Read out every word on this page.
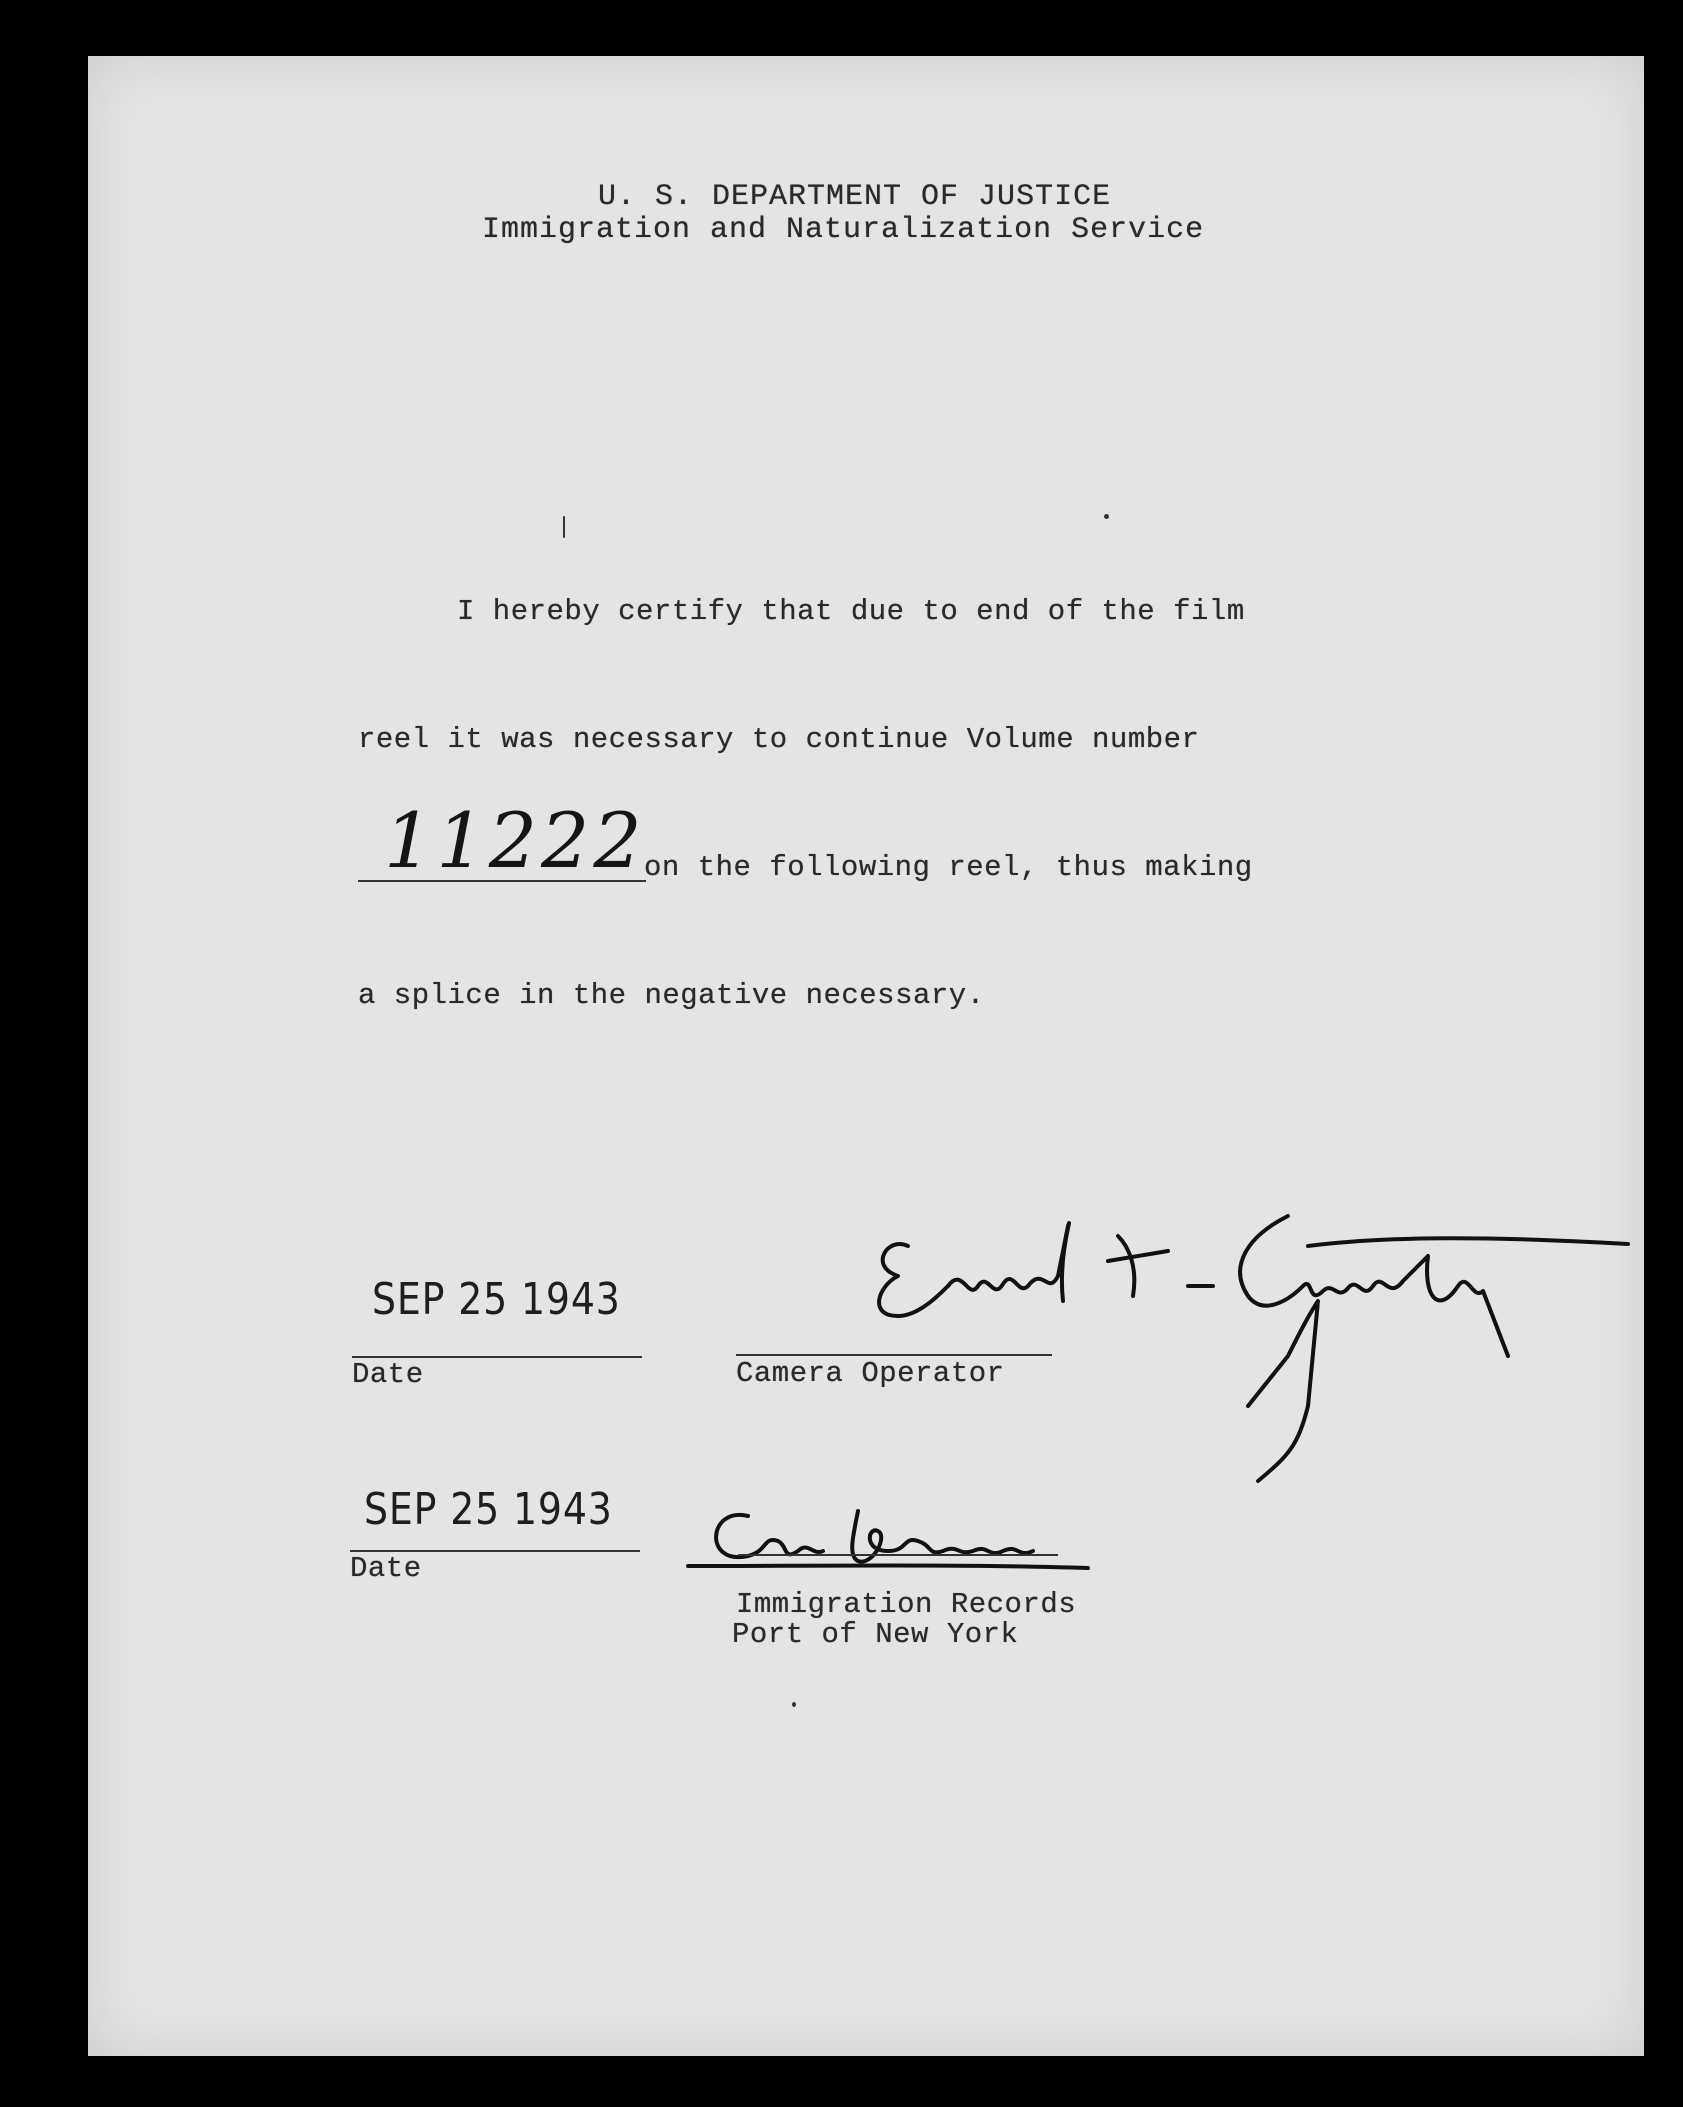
U. S. DEPARTMENT OF JUSTICE
Immigration and Naturalization Service
I hereby certify that due to end of the film
reel it was necessary to continue Volume number
11222
on the following reel, thus making
a splice in the negative necessary.
SEP 25 1943
Date	Camera Operator
SEP 25 1943
Date
Immigration Records
Port of New York
